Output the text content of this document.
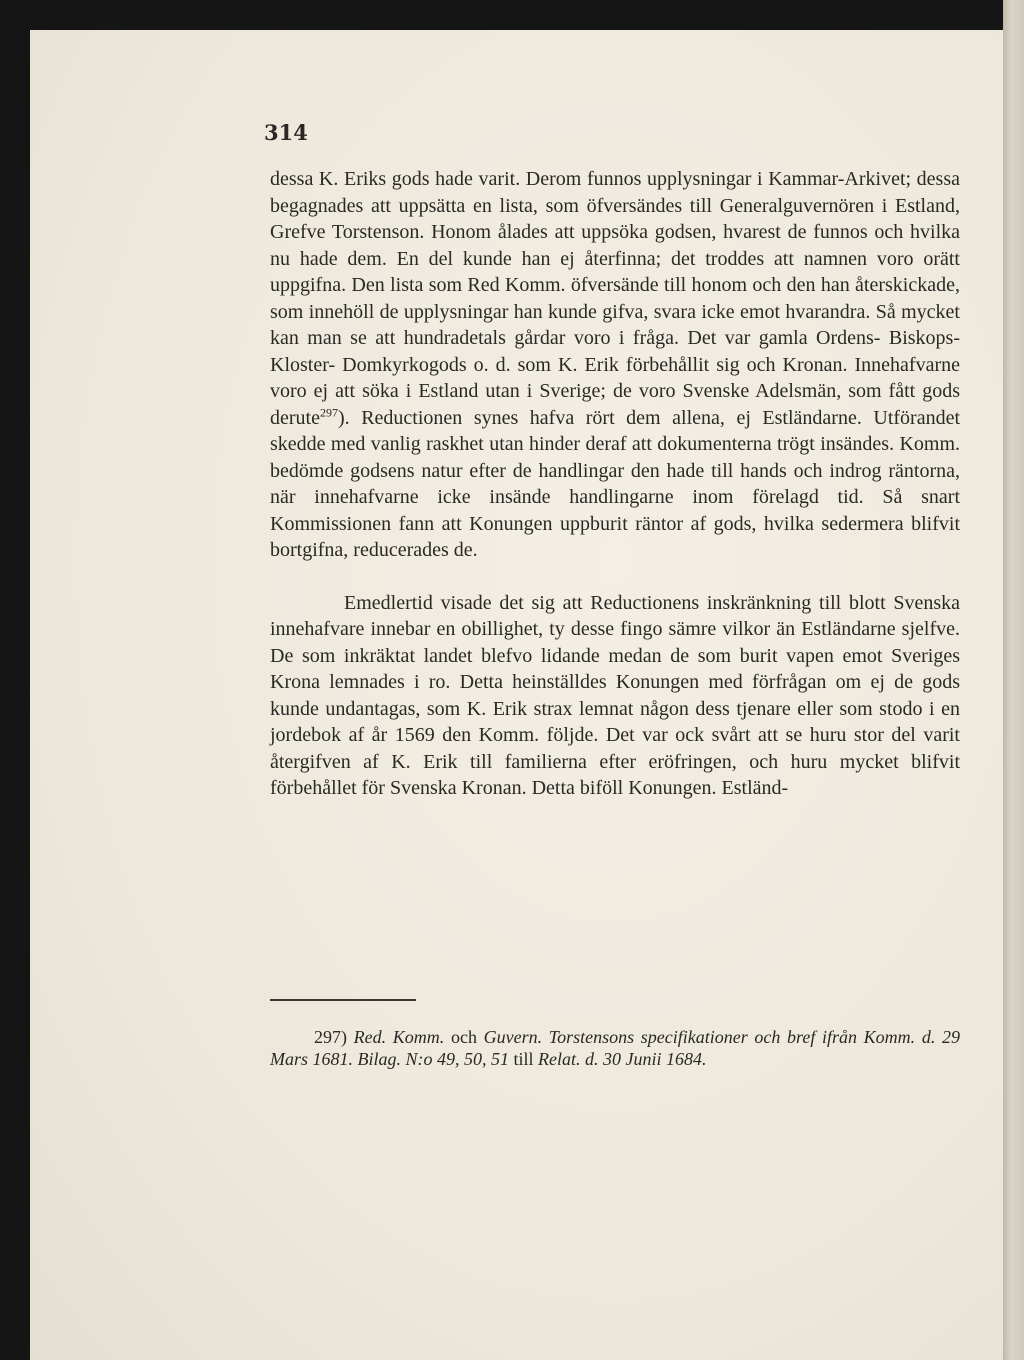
314

dessa K. Eriks gods hade varit. Derom funnos upplysningar i Kammar-Arkivet; dessa begagnades att uppsätta en lista, som öfversändes till Generalguvernören i Estland, Grefve Torstenson. Honom ålades att uppsöka godsen, hvarest de funnos och hvilka nu hade dem. En del kunde han ej återfinna; det troddes att namnen voro orätt uppgifna. Den lista som Red Komm. öfversände till honom och den han återskickade, som innehöll de upplysningar han kunde gifva, svara icke emot hvarandra. Så mycket kan man se att hundradetals gårdar voro i fråga. Det var gamla Ordens- Biskops- Kloster- Domkyrkogods o. d. som K. Erik förbehållit sig och Kronan. Innehafvarne voro ej att söka i Estland utan i Sverige; de voro Svenske Adelsmän, som fått gods derute$^{297}$). Reductionen synes hafva rört dem allena, ej Estländarne. Utförandet skedde med vanlig raskhet utan hinder deraf att dokumenterna trögt insändes. Komm. bedömde godsens natur efter de handlingar den hade till hands och indrog räntorna, när innehafvarne icke insände handlingarne inom förelagd tid. Så snart Kommissionen fann att Konungen uppburit räntor af gods, hvilka sedermera blifvit bortgifna, reducerades de.

Emedlertid visade det sig att Reductionens inskränkning till blott Svenska innehafvare innebar en obillighet, ty desse fingo sämre vilkor än Estländarne sjelfve. De som inkräktat landet blefvo lidande medan de som burit vapen emot Sveriges Krona lemnades i ro. Detta heinställdes Konungen med förfrågan om ej de gods kunde undantagas, som K. Erik strax lemnat någon dess tjenare eller som stodo i en jordebok af år 1569 den Komm. följde. Det var ock svårt att se huru stor del varit återgifven af K. Erik till familierna efter eröfringen, och huru mycket blifvit förbehållet för Svenska Kronan. Detta biföll Konungen. Estländ-

297) Red. Komm. och Guvern. Torstensons specifikationer och bref ifrån Komm. d. 29 Mars 1681. Bilag. N:o 49, 50, 51 till Relat. d. 30 Junii 1684.
